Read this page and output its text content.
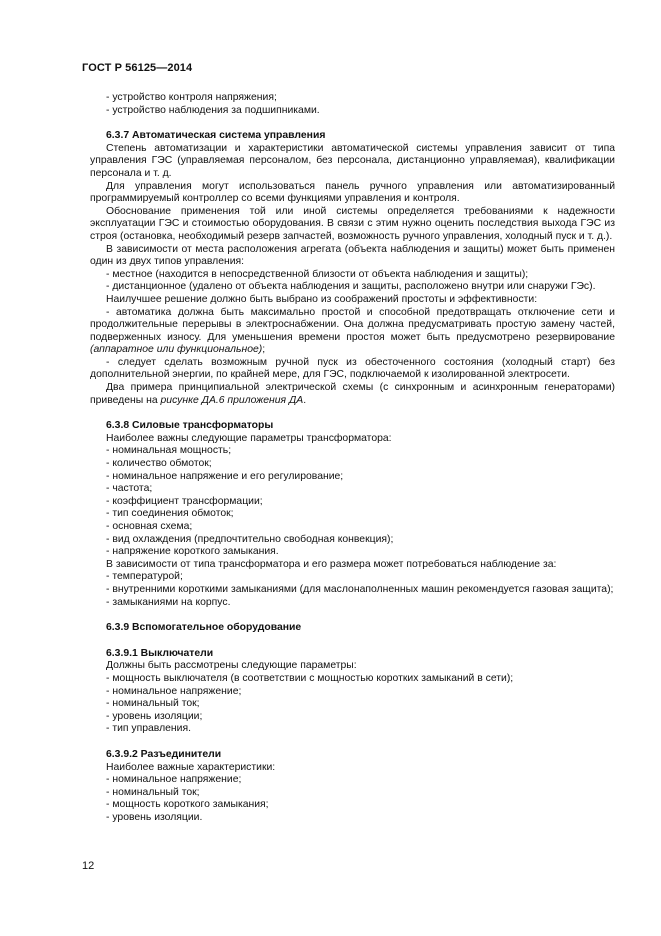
ГОСТ Р 56125—2014

- устройство контроля напряжения;

- устройство наблюдения за подшипниками.

6.3.7 Автоматическая система управления

Степень автоматизации и характеристики автоматической системы управления зависит от типа управления ГЭС (управляемая персоналом, без персонала, дистанционно управляемая), квалификации персонала и т. д.

Для управления могут использоваться панель ручного управления или автоматизированный программируемый контроллер со всеми функциями управления и контроля.

Обоснование применения той или иной системы определяется требованиями к надежности эксплуатации ГЭС и стоимостью оборудования. В связи с этим нужно оценить последствия выхода ГЭС из строя (остановка, необходимый резерв запчастей, возможность ручного управления, холодный пуск и т. д.).

В зависимости от места расположения агрегата (объекта наблюдения и защиты) может быть применен один из двух типов управления:

- местное (находится в непосредственной близости от объекта наблюдения и защиты);

- дистанционное (удалено от объекта наблюдения и защиты, расположено внутри или снаружи ГЭс).

Наилучшее решение должно быть выбрано из соображений простоты и эффективности:

- автоматика должна быть максимально простой и способной предотвращать отключение сети и продолжительные перерывы в электроснабжении. Она должна предусматривать простую замену частей, подверженных износу. Для уменьшения времени простоя может быть предусмотрено резервирование (аппаратное или функциональное);

- следует сделать возможным ручной пуск из обесточенного состояния (холодный старт) без дополнительной энергии, по крайней мере, для ГЭС, подключаемой к изолированной электросети.

Два примера принципиальной электрической схемы (с синхронным и асинхронным генераторами) приведены на рисунке ДА.6 приложения ДА.

6.3.8 Силовые трансформаторы

Наиболее важны следующие параметры трансформатора:

- номинальная мощность;

- количество обмоток;

- номинальное напряжение и его регулирование;

- частота;

- коэффициент трансформации;

- тип соединения обмоток;

- основная схема;

- вид охлаждения (предпочтительно свободная конвекция);

- напряжение короткого замыкания.

В зависимости от типа трансформатора и его размера может потребоваться наблюдение за:

- температурой;

- внутренними короткими замыканиями (для маслонаполненных машин рекомендуется газовая защита);

- замыканиями на корпус.

6.3.9 Вспомогательное оборудование

6.3.9.1 Выключатели

Должны быть рассмотрены следующие параметры:

- мощность выключателя (в соответствии с мощностью коротких замыканий в сети);

- номинальное напряжение;

- номинальный ток;

- уровень изоляции;

- тип управления.

6.3.9.2 Разъединители

Наиболее важные характеристики:

- номинальное напряжение;

- номинальный ток;

- мощность короткого замыкания;

- уровень изоляции.

12
